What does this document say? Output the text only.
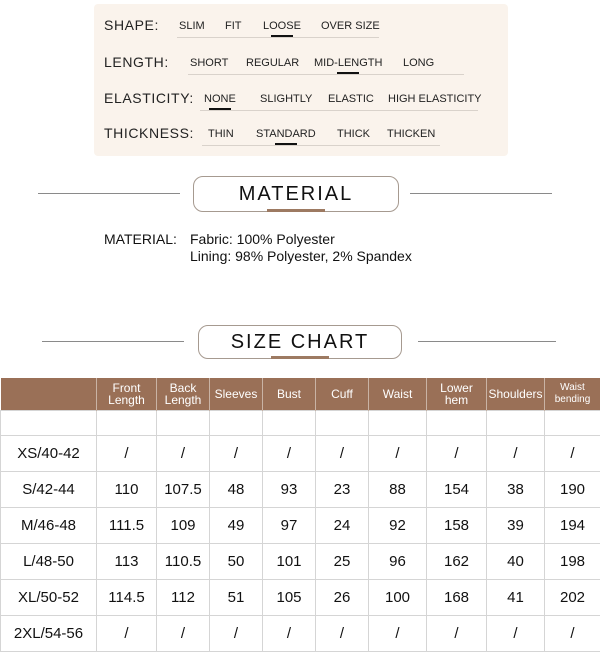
SHAPE: SLIM FIT LOOSE OVER SIZE
LENGTH: SHORT REGULAR MID-LENGTH LONG
ELASTICITY: NONE SLIGHTLY ELASTIC HIGH ELASTICITY
THICKNESS: THIN STANDARD THICK THICKEN
MATERIAL
MATERIAL: Fabric: 100% Polyester
Lining: 98% Polyester, 2% Spandex
SIZE CHART
	Front Length	Back Length	Sleeves	Bust	Cuff	Waist	Lower hem	Shoulders	Waist bending

XS/40-42	/	/	/	/	/	/	/	/	/
S/42-44	110	107.5	48	93	23	88	154	38	190
M/46-48	111.5	109	49	97	24	92	158	39	194
L/48-50	113	110.5	50	101	25	96	162	40	198
XL/50-52	114.5	112	51	105	26	100	168	41	202
2XL/54-56	/	/	/	/	/	/	/	/	/
